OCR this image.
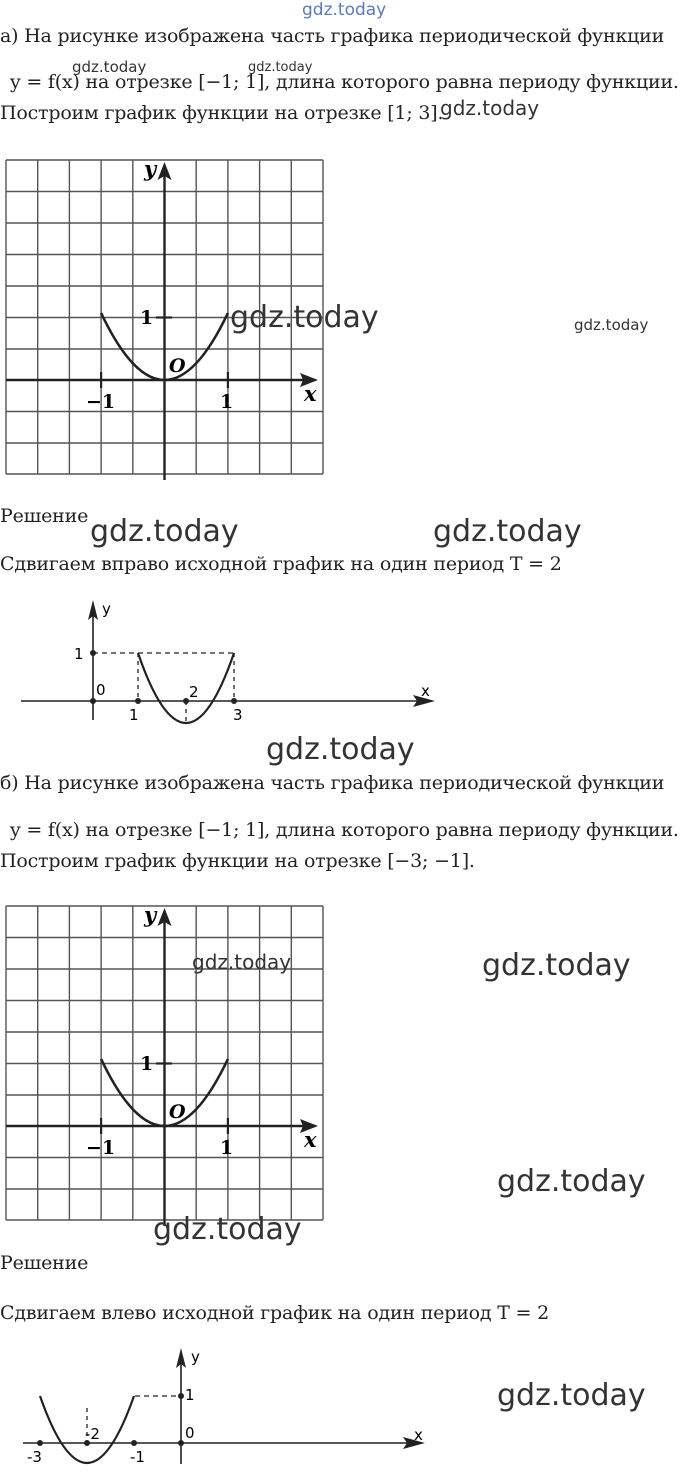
gdz.today
а) На рисунке изображена часть графика периодической функции
y = f(x) на отрезке [−1; 1], длина которого равна периоду функции.
Построим график функции на отрезке [1; 3].
gdz.today	gdz.today
gdz.today
y
x
O
1
−1	1
gdz.today	gdz.today
Решение gdz.today	gdz.today
Сдвигаем вправо исходной график на один период T = 2
y
x
1
0
1
2
3
gdz.today
б) На рисунке изображена часть графика периодической функции
y = f(x) на отрезке [−1; 1], длина которого равна периоду функции.
Построим график функции на отрезке [−3; −1].
y
x
O
1
−1	1
gdz.today	gdz.today
gdz.today
gdz.today
Решение
Сдвигаем влево исходной график на один период T = 2
y
x
1
0
-3
-2
-1
gdz.today
